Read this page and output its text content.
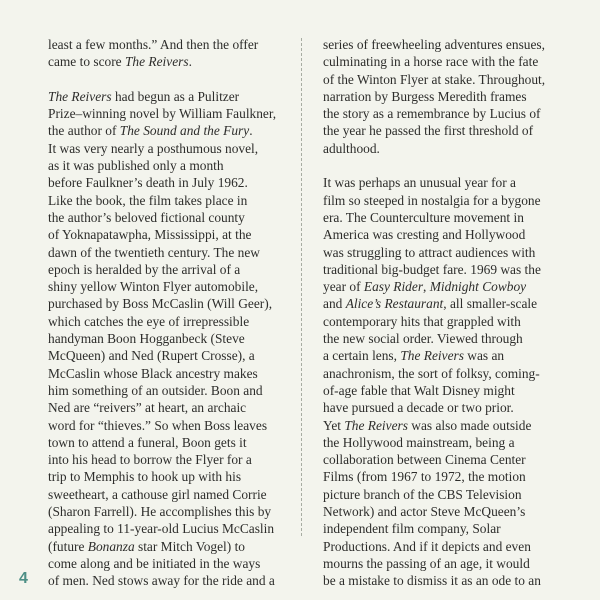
least a few months.” And then the offer
came to score The Reivers.
The Reivers had begun as a Pulitzer
Prize–winning novel by William Faulkner,
the author of The Sound and the Fury.
It was very nearly a posthumous novel,
as it was published only a month
before Faulkner’s death in July 1962.
Like the book, the film takes place in
the author’s beloved fictional county
of Yoknapatawpha, Mississippi, at the
dawn of the twentieth century. The new
epoch is heralded by the arrival of a
shiny yellow Winton Flyer automobile,
purchased by Boss McCaslin (Will Geer),
which catches the eye of irrepressible
handyman Boon Hogganbeck (Steve
McQueen) and Ned (Rupert Crosse), a
McCaslin whose Black ancestry makes
him something of an outsider. Boon and
Ned are “reivers” at heart, an archaic
word for “thieves.” So when Boss leaves
town to attend a funeral, Boon gets it
into his head to borrow the Flyer for a
trip to Memphis to hook up with his
sweetheart, a cathouse girl named Corrie
(Sharon Farrell). He accomplishes this by
appealing to 11-year-old Lucius McCaslin
(future Bonanza star Mitch Vogel) to
come along and be initiated in the ways
of men. Ned stows away for the ride and a
series of freewheeling adventures ensues,
culminating in a horse race with the fate
of the Winton Flyer at stake. Throughout,
narration by Burgess Meredith frames
the story as a remembrance by Lucius of
the year he passed the first threshold of
adulthood.
It was perhaps an unusual year for a
film so steeped in nostalgia for a bygone
era. The Counterculture movement in
America was cresting and Hollywood
was struggling to attract audiences with
traditional big-budget fare. 1969 was the
year of Easy Rider, Midnight Cowboy
and Alice’s Restaurant, all smaller-scale
contemporary hits that grappled with
the new social order. Viewed through
a certain lens, The Reivers was an
anachronism, the sort of folksy, coming-
of-age fable that Walt Disney might
have pursued a decade or two prior.
Yet The Reivers was also made outside
the Hollywood mainstream, being a
collaboration between Cinema Center
Films (from 1967 to 1972, the motion
picture branch of the CBS Television
Network) and actor Steve McQueen’s
independent film company, Solar
Productions. And if it depicts and even
mourns the passing of an age, it would
be a mistake to dismiss it as an ode to an
4
